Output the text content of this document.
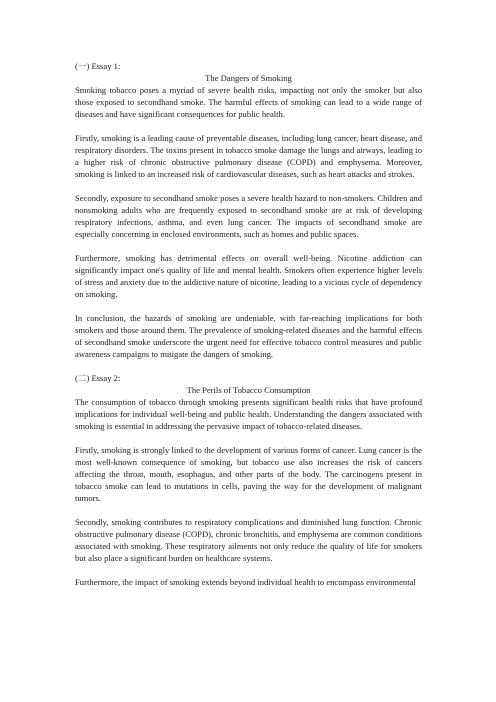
(一) Essay 1:

The Dangers of Smoking

Smoking tobacco poses a myriad of severe health risks, impacting not only the smoker but also those exposed to secondhand smoke. The harmful effects of smoking can lead to a wide range of diseases and have significant consequences for public health.

Firstly, smoking is a leading cause of preventable diseases, including lung cancer, heart disease, and respiratory disorders. The toxins present in tobacco smoke damage the lungs and airways, leading to a higher risk of chronic obstructive pulmonary disease (COPD) and emphysema. Moreover, smoking is linked to an increased risk of cardiovascular diseases, such as heart attacks and strokes.

Secondly, exposure to secondhand smoke poses a severe health hazard to non-smokers. Children and nonsmoking adults who are frequently exposed to secondhand smoke are at risk of developing respiratory infections, asthma, and even lung cancer. The impacts of secondhand smoke are especially concerning in enclosed environments, such as homes and public spaces.

Furthermore, smoking has detrimental effects on overall well-being. Nicotine addiction can significantly impact one's quality of life and mental health. Smokers often experience higher levels of stress and anxiety due to the addictive nature of nicotine, leading to a vicious cycle of dependency on smoking.

In conclusion, the hazards of smoking are undeniable, with far-reaching implications for both smokers and those around them. The prevalence of smoking-related diseases and the harmful effects of secondhand smoke underscore the urgent need for effective tobacco control measures and public awareness campaigns to mitigate the dangers of smoking.

(二) Essay 2:

The Perils of Tobacco Consumption

The consumption of tobacco through smoking presents significant health risks that have profound implications for individual well-being and public health. Understanding the dangers associated with smoking is essential in addressing the pervasive impact of tobacco-related diseases.

Firstly, smoking is strongly linked to the development of various forms of cancer. Lung cancer is the most well-known consequence of smoking, but tobacco use also increases the risk of cancers affecting the throat, mouth, esophagus, and other parts of the body. The carcinogens present in tobacco smoke can lead to mutations in cells, paving the way for the development of malignant tumors.

Secondly, smoking contributes to respiratory complications and diminished lung function. Chronic obstructive pulmonary disease (COPD), chronic bronchitis, and emphysema are common conditions associated with smoking. These respiratory ailments not only reduce the quality of life for smokers but also place a significant burden on healthcare systems.

Furthermore, the impact of smoking extends beyond individual health to encompass environmental
